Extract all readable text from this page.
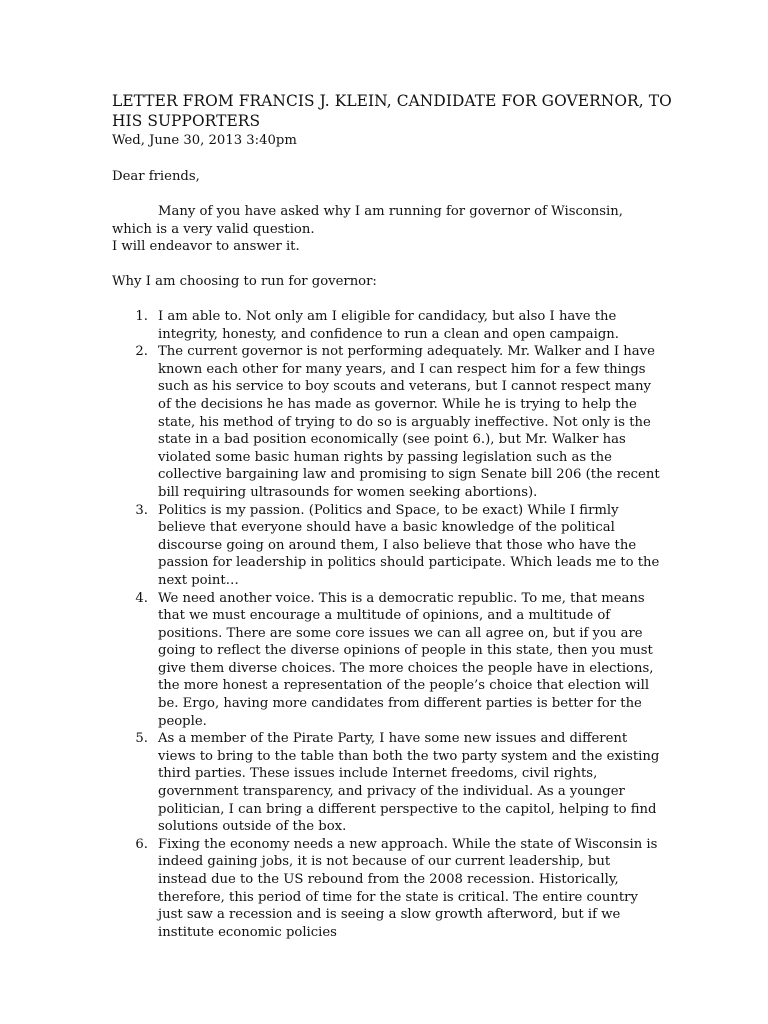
LETTER FROM FRANCIS J. KLEIN, CANDIDATE FOR GOVERNOR, TO HIS SUPPORTERS
Wed, June 30, 2013 3:40pm
Dear friends,
Many of you have asked why I am running for governor of Wisconsin, which is a very valid question.
I will endeavor to answer it.
Why I am choosing to run for governor:
1. I am able to. Not only am I eligible for candidacy, but also I have the integrity, honesty, and confidence to run a clean and open campaign.
2. The current governor is not performing adequately. Mr. Walker and I have known each other for many years, and I can respect him for a few things such as his service to boy scouts and veterans, but I cannot respect many of the decisions he has made as governor. While he is trying to help the state, his method of trying to do so is arguably ineffective. Not only is the state in a bad position economically (see point 6.), but Mr. Walker has violated some basic human rights by passing legislation such as the collective bargaining law and promising to sign Senate bill 206 (the recent bill requiring ultrasounds for women seeking abortions).
3. Politics is my passion. (Politics and Space, to be exact) While I firmly believe that everyone should have a basic knowledge of the political discourse going on around them, I also believe that those who have the passion for leadership in politics should participate. Which leads me to the next point…
4. We need another voice. This is a democratic republic. To me, that means that we must encourage a multitude of opinions, and a multitude of positions. There are some core issues we can all agree on, but if you are going to reflect the diverse opinions of people in this state, then you must give them diverse choices. The more choices the people have in elections, the more honest a representation of the people’s choice that election will be. Ergo, having more candidates from different parties is better for the people.
5. As a member of the Pirate Party, I have some new issues and different views to bring to the table than both the two party system and the existing third parties. These issues include Internet freedoms, civil rights, government transparency, and privacy of the individual. As a younger politician, I can bring a different perspective to the capitol, helping to find solutions outside of the box.
6. Fixing the economy needs a new approach. While the state of Wisconsin is indeed gaining jobs, it is not because of our current leadership, but instead due to the US rebound from the 2008 recession. Historically, therefore, this period of time for the state is critical. The entire country just saw a recession and is seeing a slow growth afterword, but if we institute economic policies
